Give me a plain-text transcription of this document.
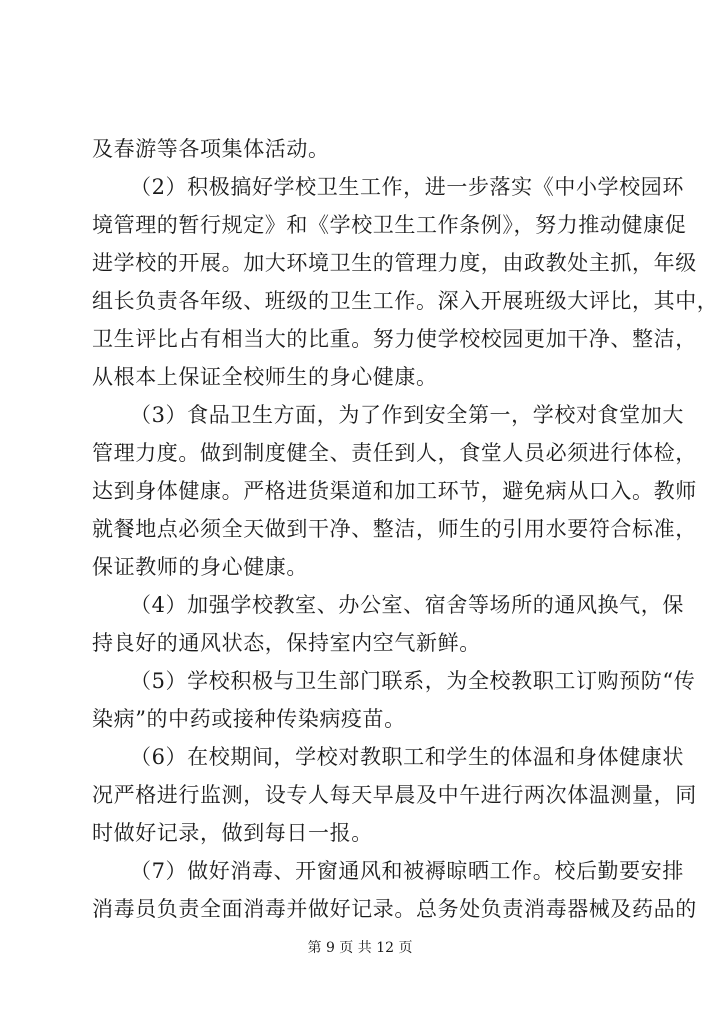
及春游等各项集体活动。
（2）积极搞好学校卫生工作，进一步落实《中小学校园环
境管理的暂行规定》和《学校卫生工作条例》，努力推动健康促
进学校的开展。加大环境卫生的管理力度，由政教处主抓，年级
组长负责各年级、班级的卫生工作。深入开展班级大评比，其中，
卫生评比占有相当大的比重。努力使学校校园更加干净、整洁，
从根本上保证全校师生的身心健康。
（3）食品卫生方面，为了作到安全第一，学校对食堂加大
管理力度。做到制度健全、责任到人，食堂人员必须进行体检，
达到身体健康。严格进货渠道和加工环节，避免病从口入。教师
就餐地点必须全天做到干净、整洁，师生的引用水要符合标准，
保证教师的身心健康。
（4）加强学校教室、办公室、宿舍等场所的通风换气，保
持良好的通风状态，保持室内空气新鲜。
（5）学校积极与卫生部门联系，为全校教职工订购预防“传
染病”的中药或接种传染病疫苗。
（6）在校期间，学校对教职工和学生的体温和身体健康状
况严格进行监测，设专人每天早晨及中午进行两次体温测量，同
时做好记录，做到每日一报。
（7）做好消毒、开窗通风和被褥晾晒工作。校后勤要安排
消毒员负责全面消毒并做好记录。总务处负责消毒器械及药品的
第 9 页 共 12 页
